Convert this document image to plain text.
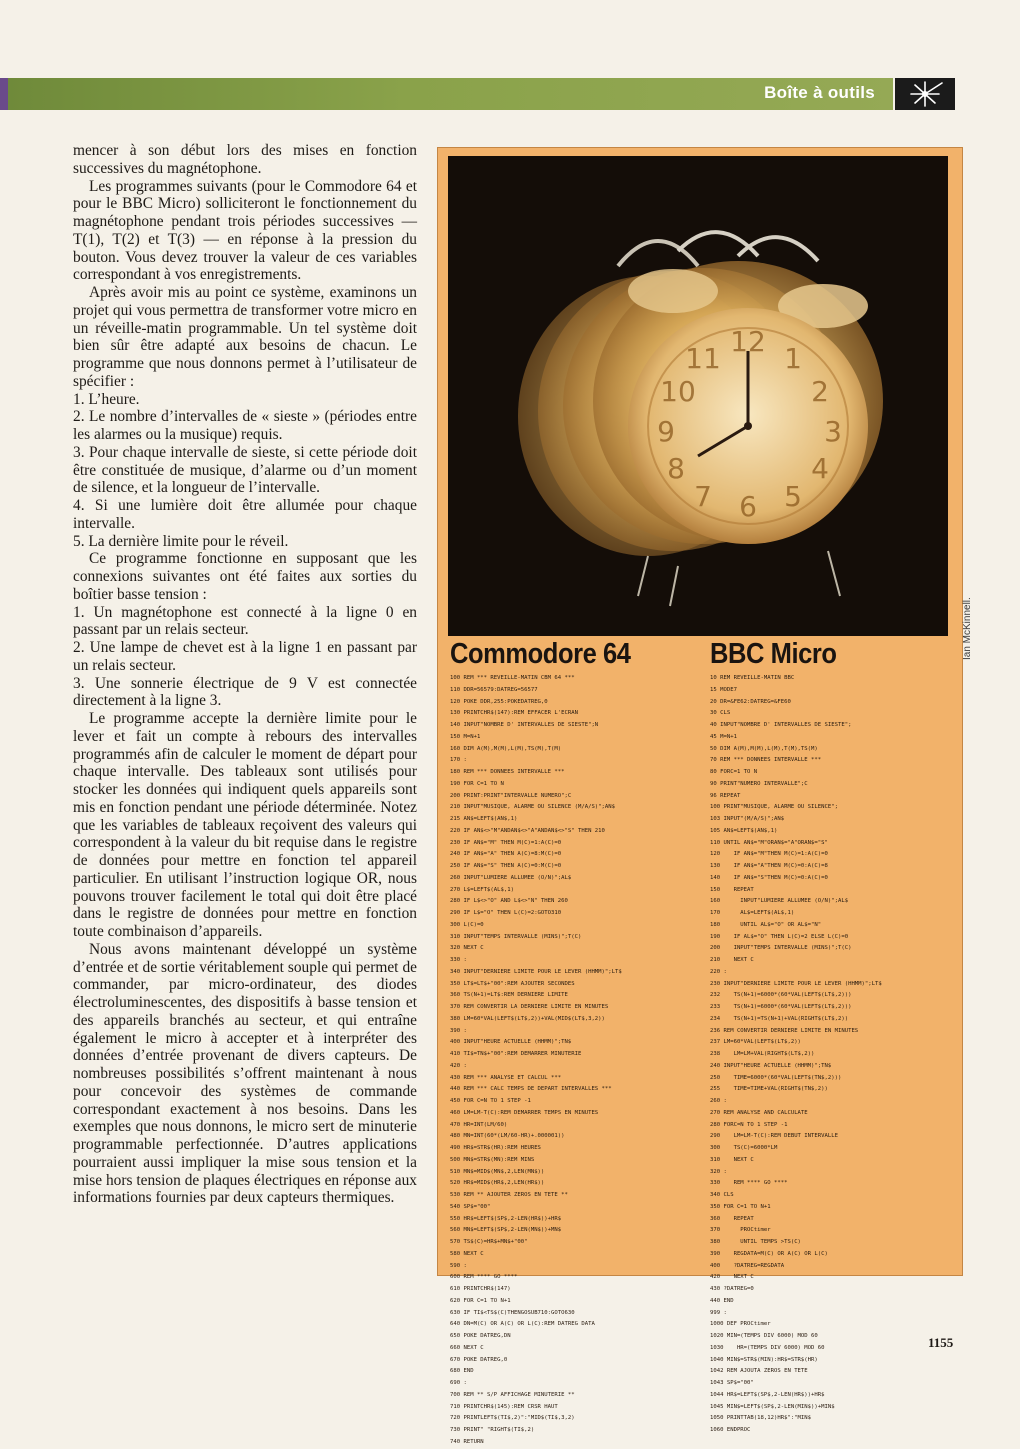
Boîte à outils

mencer à son début lors des mises en fonction successives du magnétophone.

Les programmes suivants (pour le Commodore 64 et pour le BBC Micro) solliciteront le fonctionnement du magnétophone pendant trois périodes successives — T(1), T(2) et T(3) — en réponse à la pression du bouton. Vous devez trouver la valeur de ces variables correspondant à vos enregistrements.

Après avoir mis au point ce système, examinons un projet qui vous permettra de transformer votre micro en un réveille-matin programmable. Un tel système doit bien sûr être adapté aux besoins de chacun. Le programme que nous donnons permet à l’utilisateur de spécifier :

1. L’heure.

2. Le nombre d’intervalles de « sieste » (périodes entre les alarmes ou la musique) requis.

3. Pour chaque intervalle de sieste, si cette période doit être constituée de musique, d’alarme ou d’un moment de silence, et la longueur de l’intervalle.

4. Si une lumière doit être allumée pour chaque intervalle.

5. La dernière limite pour le réveil.

Ce programme fonctionne en supposant que les connexions suivantes ont été faites aux sorties du boîtier basse tension :

1. Un magnétophone est connecté à la ligne 0 en passant par un relais secteur.

2. Une lampe de chevet est à la ligne 1 en passant par un relais secteur.

3. Une sonnerie électrique de 9 V est connectée directement à la ligne 3.

Le programme accepte la dernière limite pour le lever et fait un compte à rebours des intervalles programmés afin de calculer le moment de départ pour chaque intervalle. Des tableaux sont utilisés pour stocker les données qui indiquent quels appareils sont mis en fonction pendant une période déterminée. Notez que les variables de tableaux reçoivent des valeurs qui correspondent à la valeur du bit requise dans le registre de données pour mettre en fonction tel appareil particulier. En utilisant l’instruction logique OR, nous pouvons trouver facilement le total qui doit être placé dans le registre de données pour mettre en fonction toute combinaison d’appareils.

Nous avons maintenant développé un système d’entrée et de sortie véritablement souple qui permet de commander, par micro-ordinateur, des diodes électroluminescentes, des dispositifs à basse tension et des appareils branchés au secteur, et qui entraîne également le micro à accepter et à interpréter des données d’entrée provenant de divers capteurs. De nombreuses possibilités s’offrent maintenant à nous pour concevoir des systèmes de commande correspondant exactement à nos besoins. Dans les exemples que nous donnons, le micro sert de minuterie programmable perfectionnée. D’autres applications pourraient aussi impliquer la mise sous tension et la mise hors tension de plaques électriques en réponse aux informations fournies par deux capteurs thermiques.

12
1
2
3
4
5
6
7
8
9
10
11
Commodore 64
100 REM *** REVEILLE-MATIN CBM 64 ***
110 DDR=56579:DATREG=56577
120 POKE DDR,255:POKEDATREG,0
130 PRINTCHR$(147):REM EFFACER L'ECRAN
140 INPUT"NOMBRE D' INTERVALLES DE SIESTE";N
150 M=N+1
160 DIM A(M),M(M),L(M),TS(M),T(M)
170 :
180 REM *** DONNEES INTERVALLE ***
190 FOR C=1 TO N
200 PRINT:PRINT"INTERVALLE NUMERO";C
210 INPUT"MUSIQUE, ALARME OU SILENCE (M/A/S)";AN$
215 AN$=LEFT$(AN$,1)
220 IF AN$<>"M"ANDAN$<>"A"ANDAN$<>"S" THEN 210
230 IF AN$="M" THEN M(C)=1:A(C)=0
240 IF AN$="A" THEN A(C)=8:M(C)=0
250 IF AN$="S" THEN A(C)=0:M(C)=0
260 INPUT"LUMIERE ALLUMEE (O/N)";AL$
270 L$=LEFT$(AL$,1)
280 IF L$<>"O" AND L$<>"N" THEN 260
290 IF L$="O" THEN L(C)=2:GOTO310
300 L(C)=0
310 INPUT"TEMPS INTERVALLE (MINS)";T(C)
320 NEXT C
330 :
340 INPUT"DERNIERE LIMITE POUR LE LEVER (HHMM)";LT$
350 LT$=LT$+"00":REM AJOUTER SECONDES
360 TS(N+1)=LT$:REM DERNIERE LIMITE
370 REM CONVERTIR LA DERNIERE LIMITE EN MINUTES
380 LM=60*VAL(LEFT$(LT$,2))+VAL(MID$(LT$,3,2))
390 :
400 INPUT"HEURE ACTUELLE (HHMM)";TN$
410 TI$=TN$+"00":REM DEMARRER MINUTERIE
420 :
430 REM *** ANALYSE ET CALCUL ***
440 REM *** CALC TEMPS DE DEPART INTERVALLES ***
450 FOR C=N TO 1 STEP -1
460 LM=LM-T(C):REM DEMARRER TEMPS EN MINUTES
470 HR=INT(LM/60)
480 MN=INT(60*(LM/60-HR)+.000001))
490 HR$=STR$(HR):REM HEURES
500 MN$=STR$(MN):REM MINS
510 MN$=MID$(MN$,2,LEN(MN$))
520 HR$=MID$(HR$,2,LEN(HR$))
530 REM ** AJOUTER ZEROS EN TETE **
540 SP$="00"
550 HR$=LEFT$(SP$,2-LEN(HR$))+HR$
560 MN$=LEFT$(SP$,2-LEN(MN$))+MN$
570 TS$(C)=HR$+MN$+"00"
580 NEXT C
590 :
600 REM **** GO ****
610 PRINTCHR$(147)
620 FOR C=1 TO N+1
630 IF TI$<TS$(C)THENGOSUB710:GOTO630
640 DN=M(C) OR A(C) OR L(C):REM DATREG DATA
650 POKE DATREG,DN
660 NEXT C
670 POKE DATREG,0
680 END
690 :
700 REM ** S/P AFFICHAGE MINUTERIE **
710 PRINTCHR$(145):REM CRSR HAUT
720 PRINTLEFT$(TI$,2)":"MID$(TI$,3,2)
730 PRINT" "RIGHT$(TI$,2)
740 RETURN
BBC Micro
10 REM REVEILLE-MATIN BBC
15 MODE7
20 DR=&FE62:DATREG=&FE60
30 CLS
40 INPUT"NOMBRE D' INTERVALLES DE SIESTE";
45 M=N+1
50 DIM A(M),M(M),L(M),T(M),TS(M)
70 REM *** DONNEES INTERVALLE ***
80 FORC=1 TO N
90 PRINT"NUMERO INTERVALLE";C
96 REPEAT
100 PRINT"MUSIQUE, ALARME OU SILENCE";
103 INPUT"(M/A/S)";AN$
105 AN$=LEFT$(AN$,1)
110 UNTIL AN$="M"ORAN$="A"ORAN$="S"
120    IF AN$="M"THEN M(C)=1:A(C)=0
130    IF AN$="A"THEN M(C)=0:A(C)=8
140    IF AN$="S"THEN M(C)=0:A(C)=0
150    REPEAT
160      INPUT"LUMIERE ALLUMEE (O/N)";AL$
170      AL$=LEFT$(AL$,1)
180      UNTIL AL$="O" OR AL$="N"
190    IF AL$="O" THEN L(C)=2 ELSE L(C)=0
200    INPUT"TEMPS INTERVALLE (MINS)";T(C)
210    NEXT C
220 :
230 INPUT"DERNIERE LIMITE POUR LE LEVER (HHMM)";LT$
232    TS(N+1)=6000*(60*VAL(LEFT$(LT$,2)))
233    TS(N+1)=6000*(60*VAL(LEFT$(LT$,2)))
234    TS(N+1)=TS(N+1)+VAL(RIGHT$(LT$,2))
236 REM CONVERTIR DERNIERE LIMITE EN MINUTES
237 LM=60*VAL(LEFT$(LT$,2))
238    LM=LM+VAL(RIGHT$(LT$,2))
240 INPUT"HEURE ACTUELLE (HHMM)";TN$
250    TIME=6000*(60*VAL(LEFT$(TN$,2)))
255    TIME=TIME+VAL(RIGHT$(TN$,2))
260 :
270 REM ANALYSE AND CALCULATE
280 FORC=N TO 1 STEP -1
290    LM=LM-T(C):REM DEBUT INTERVALLE
300    TS(C)=6000*LM
310    NEXT C
320 :
330    REM **** GO ****
340 CLS
350 FOR C=1 TO N+1
360    REPEAT
370      PROCtimer
380      UNTIL TEMPS >TS(C)
390    REGDATA=M(C) OR A(C) OR L(C)
400    ?DATREG=REGDATA
420    NEXT C
430 ?DATREG=0
440 END
999 :
1000 DEF PROCtimer
1020 MIN=(TEMPS DIV 6000) MOD 60
1030    HR=(TEMPS DIV 6000) MOD 60
1040 MIN$=STR$(MIN):HR$=STR$(HR)
1042 REM AJOUTA ZEROS EN TETE
1043 SP$="00"
1044 HR$=LEFT$(SP$,2-LEN(HR$))+HR$
1045 MIN$=LEFT$(SP$,2-LEN(MIN$))+MIN$
1050 PRINTTAB(18,12)HR$":"MIN$
1060 ENDPROC
Ian McKinnell.
1155
